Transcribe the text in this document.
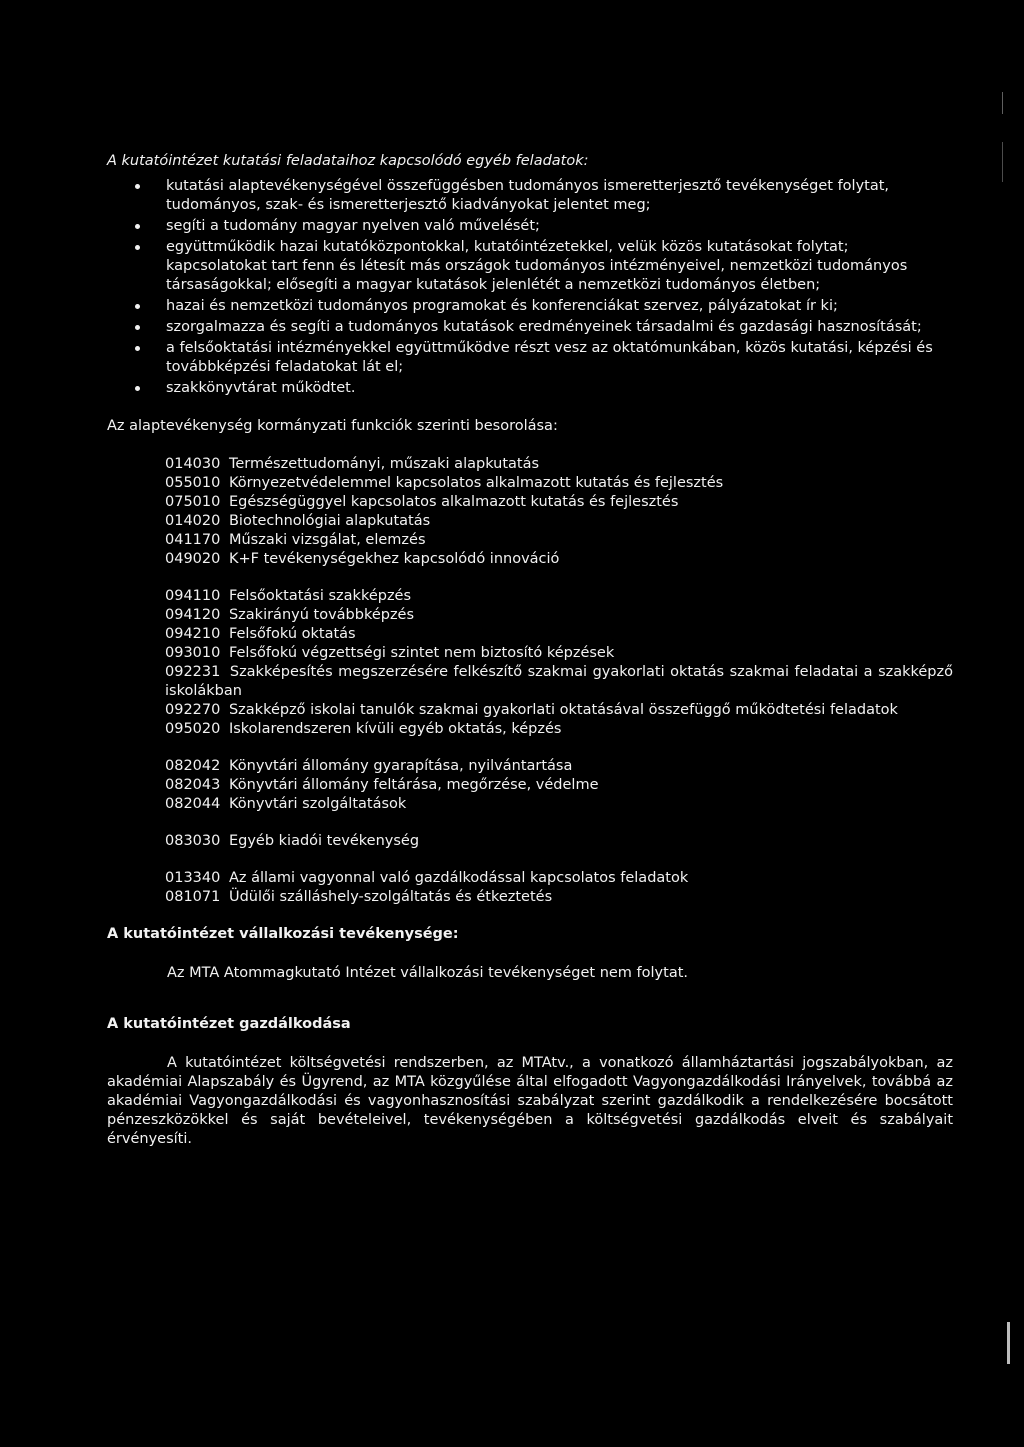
A kutatóintézet kutatási feladataihoz kapcsolódó egyéb feladatok:

kutatási alaptevékenységével összefüggésben tudományos ismeretterjesztő tevékenységet folytat, tudományos, szak- és ismeretterjesztő kiadványokat jelentet meg;
segíti a tudomány magyar nyelven való művelését;
együttműködik hazai kutatóközpontokkal, kutatóintézetekkel, velük közös kutatásokat folytat; kapcsolatokat tart fenn és létesít más országok tudományos intézményeivel, nemzetközi tudományos társaságokkal; elősegíti a magyar kutatások jelenlétét a nemzetközi tudományos életben;
hazai és nemzetközi tudományos programokat és konferenciákat szervez, pályázatokat ír ki;
szorgalmazza és segíti a tudományos kutatások eredményeinek társadalmi és gazdasági hasznosítását;
a felsőoktatási intézményekkel együttműködve részt vesz az oktatómunkában, közös kutatási, képzési és továbbképzési feladatokat lát el;
szakkönyvtárat működtet.

Az alaptevékenység kormányzati funkciók szerinti besorolása:

014030 Természettudományi, műszaki alapkutatás
055010 Környezetvédelemmel kapcsolatos alkalmazott kutatás és fejlesztés
075010 Egészségüggyel kapcsolatos alkalmazott kutatás és fejlesztés
014020 Biotechnológiai alapkutatás
041170 Műszaki vizsgálat, elemzés
049020 K+F tevékenységekhez kapcsolódó innováció
094110 Felsőoktatási szakképzés
094120 Szakirányú továbbképzés
094210 Felsőfokú oktatás
093010 Felsőfokú végzettségi szintet nem biztosító képzések
092231 Szakképesítés megszerzésére felkészítő szakmai gyakorlati oktatás szakmai feladatai a szakképző iskolákban
092270 Szakképző iskolai tanulók szakmai gyakorlati oktatásával összefüggő működtetési feladatok
095020 Iskolarendszeren kívüli egyéb oktatás, képzés
082042 Könyvtári állomány gyarapítása, nyilvántartása
082043 Könyvtári állomány feltárása, megőrzése, védelme
082044 Könyvtári szolgáltatások
083030 Egyéb kiadói tevékenység
013340 Az állami vagyonnal való gazdálkodással kapcsolatos feladatok
081071 Üdülői szálláshely-szolgáltatás és étkeztetés
A kutatóintézet vállalkozási tevékenysége:
Az MTA Atommagkutató Intézet vállalkozási tevékenységet nem folytat.
A kutatóintézet gazdálkodása
A kutatóintézet költségvetési rendszerben, az MTAtv., a vonatkozó államháztartási jogszabályokban, az akadémiai Alapszabály és Ügyrend, az MTA közgyűlése által elfogadott Vagyongazdálkodási Irányelvek, továbbá az akadémiai Vagyongazdálkodási és vagyonhasznosítási szabályzat szerint gazdálkodik a rendelkezésére bocsátott pénzeszközökkel és saját bevételeivel, tevékenységében a költségvetési gazdálkodás elveit és szabályait érvényesíti.
